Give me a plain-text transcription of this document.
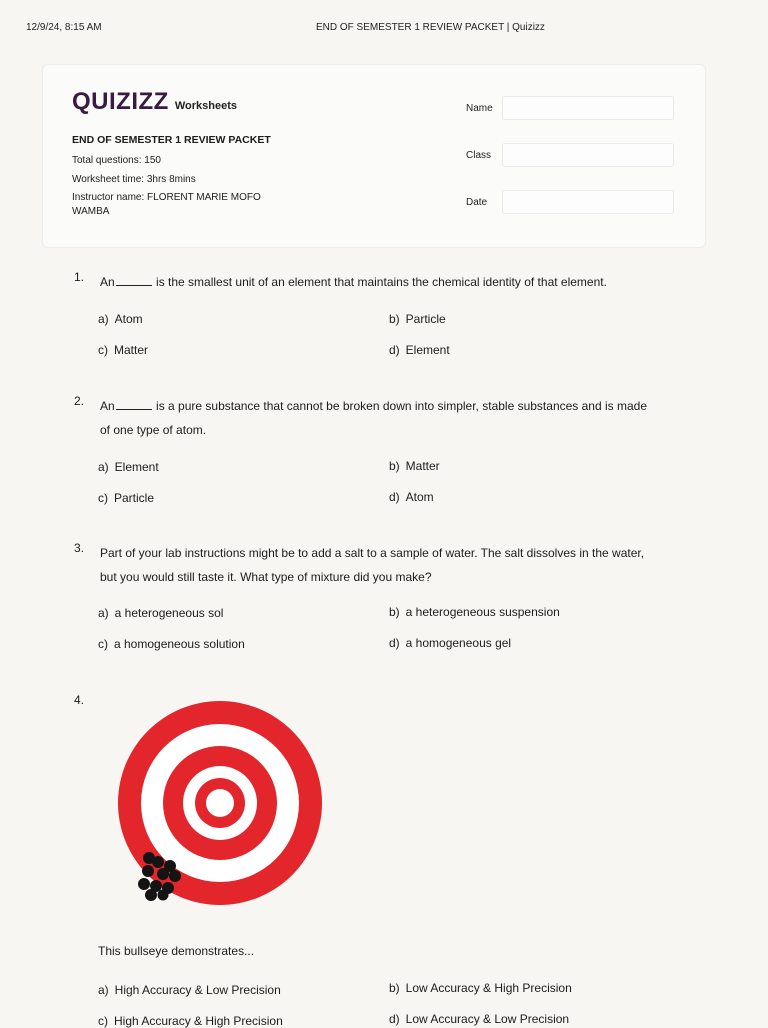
12/9/24, 8:15 AM	END OF SEMESTER 1 REVIEW PACKET | Quizizz
QUIZIZZ Worksheets
END OF SEMESTER 1 REVIEW PACKET
Total questions: 150
Worksheet time: 3hrs 8mins
Instructor name: FLORENT MARIE MOFO WAMBA
Name
Class
Date
1. An	is the smallest unit of an element that maintains the chemical identity of that element.
a) Atom	b) Particle
c) Matter	d) Element
2. An	is a pure substance that cannot be broken down into simpler, stable substances and is made of one type of atom.
a) Element	b) Matter
c) Particle	d) Atom
3. Part of your lab instructions might be to add a salt to a sample of water. The salt dissolves in the water, but you would still taste it. What type of mixture did you make?
a) a heterogeneous sol	b) a heterogeneous suspension
c) a homogeneous solution	d) a homogeneous gel
4.
This bullseye demonstrates...
a) High Accuracy & Low Precision	b) Low Accuracy & High Precision
c) High Accuracy & High Precision	d) Low Accuracy & Low Precision
